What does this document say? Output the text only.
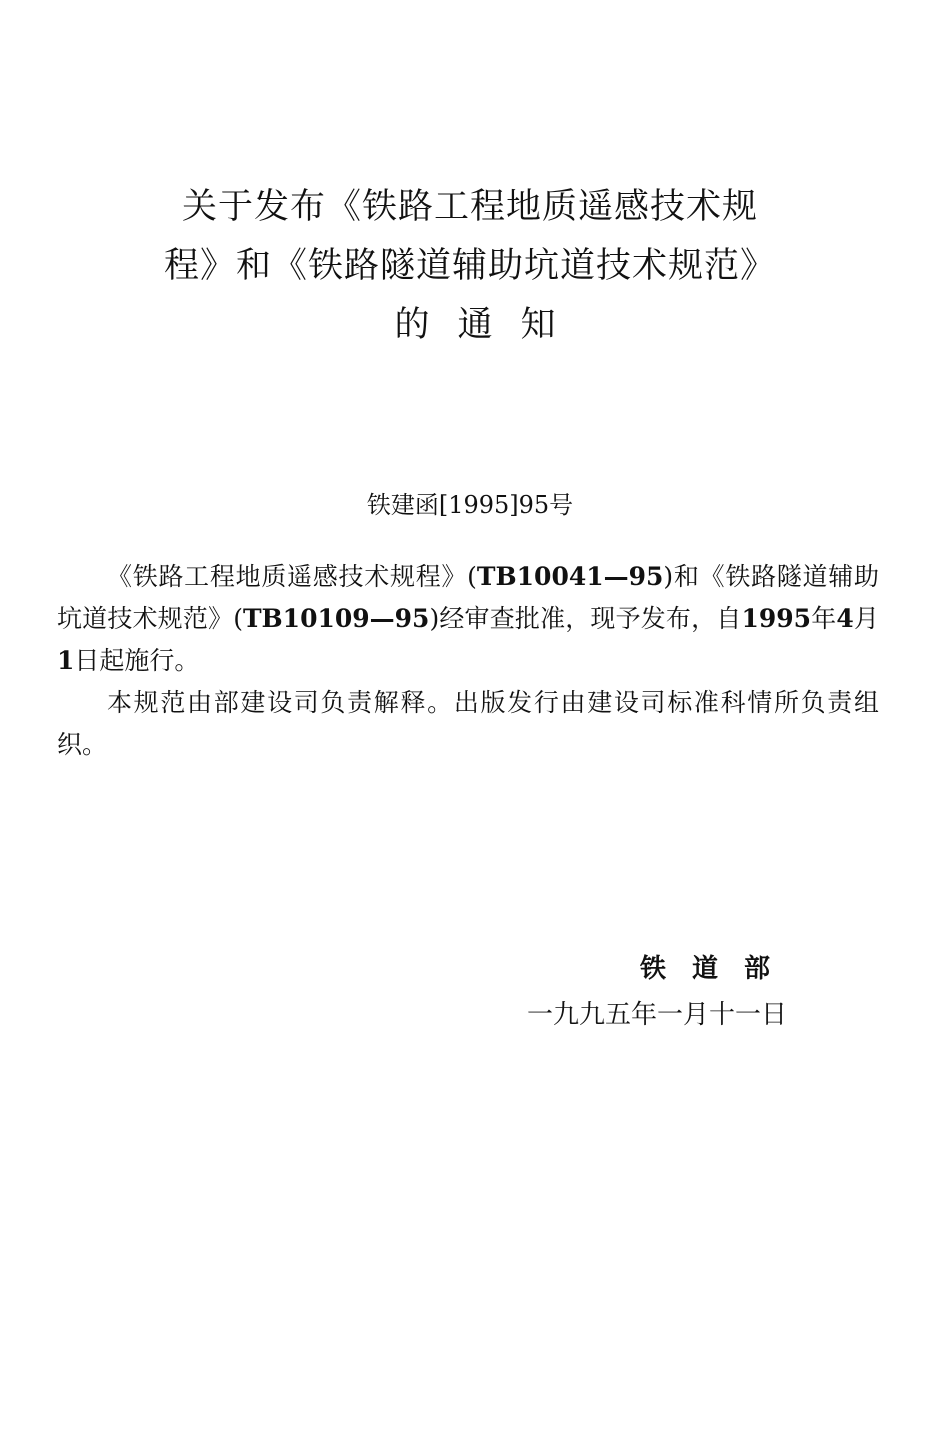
关于发布《铁路工程地质遥感技术规
程》和《铁路隧道辅助坑道技术规范》
的通知
铁建函[1995]95号

《铁路工程地质遥感技术规程》(TB10041—95)和《铁路隧道辅助坑道技术规范》(TB10109—95)经审查批准，现予发布，自1995年4月1日起施行。

本规范由部建设司负责解释。出版发行由建设司标准科情所负责组织。

铁道部
一九九五年一月十一日
